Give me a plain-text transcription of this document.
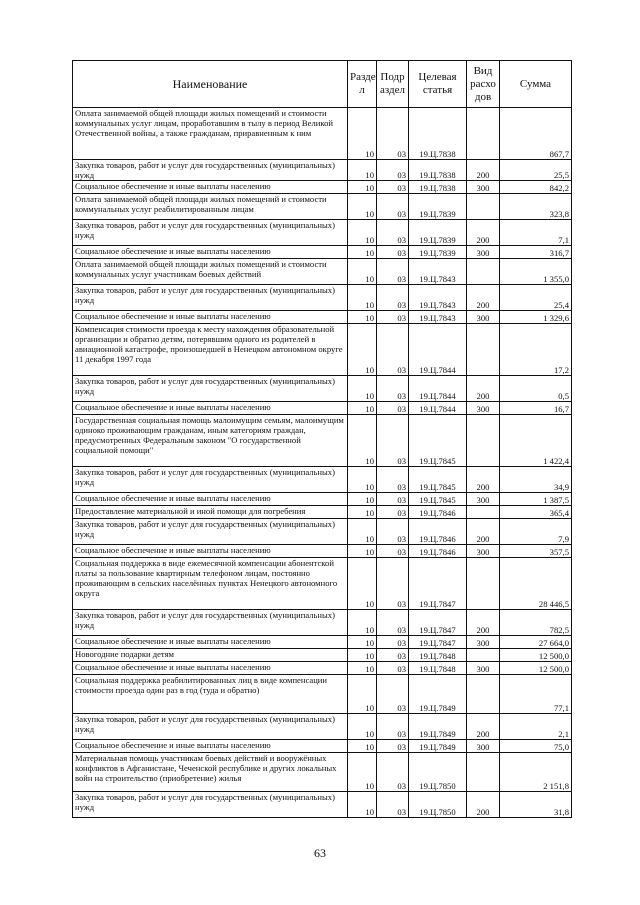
Наименование	Разде л	Подр аздел	Целевая статья	Вид расхо дов	Сумма
Оплата занимаемой общей площади жилых помещений и стоимости коммунальных услуг лицам, проработавшим в тылу в период Великой Отечественной войны, а также гражданам, приравненным к ним	10	03	19.Ц.7838		867,7
Закупка товаров, работ и услуг для государственных (муниципальных) нужд	10	03	19.Ц.7838	200	25,5
Социальное обеспечение и иные выплаты населению	10	03	19.Ц.7838	300	842,2
Оплата занимаемой общей площади жилых помещений и стоимости коммунальных услуг реабилитированным лицам	10	03	19.Ц.7839		323,8
Закупка товаров, работ и услуг для государственных (муниципальных) нужд	10	03	19.Ц.7839	200	7,1
Социальное обеспечение и иные выплаты населению	10	03	19.Ц.7839	300	316,7
Оплата занимаемой общей площади жилых помещений и стоимости коммунальных услуг участникам боевых действий	10	03	19.Ц.7843		1 355,0
Закупка товаров, работ и услуг для государственных (муниципальных) нужд	10	03	19.Ц.7843	200	25,4
Социальное обеспечение и иные выплаты населению	10	03	19.Ц.7843	300	1 329,6
Компенсация стоимости проезда к месту нахождения образовательной организации и обратно детям, потерявшим одного из родителей в авиационной катастрофе, произошедшей в Ненецком автономном округе 11 декабря 1997 года	10	03	19.Ц.7844		17,2
Закупка товаров, работ и услуг для государственных (муниципальных) нужд	10	03	19.Ц.7844	200	0,5
Социальное обеспечение и иные выплаты населению	10	03	19.Ц.7844	300	16,7
Государственная социальная помощь малоимущим семьям, малоимущим одиноко проживающим гражданам, иным категориям граждан, предусмотренных Федеральным законом "О государственной социальной помощи"	10	03	19.Ц.7845		1 422,4
Закупка товаров, работ и услуг для государственных (муниципальных) нужд	10	03	19.Ц.7845	200	34,9
Социальное обеспечение и иные выплаты населению	10	03	19.Ц.7845	300	1 387,5
Предоставление материальной и иной помощи для погребения	10	03	19.Ц.7846		365,4
Закупка товаров, работ и услуг для государственных (муниципальных) нужд	10	03	19.Ц.7846	200	7,9
Социальное обеспечение и иные выплаты населению	10	03	19.Ц.7846	300	357,5
Социальная поддержка в виде ежемесячной компенсации абонентской платы за пользование квартирным телефоном лицам, постоянно проживающим в сельских населённых пунктах Ненецкого автономного округа	10	03	19.Ц.7847		28 446,5
Закупка товаров, работ и услуг для государственных (муниципальных) нужд	10	03	19.Ц.7847	200	782,5
Социальное обеспечение и иные выплаты населению	10	03	19.Ц.7847	300	27 664,0
Новогодние подарки детям	10	03	19.Ц.7848		12 500,0
Социальное обеспечение и иные выплаты населению	10	03	19.Ц.7848	300	12 500,0
Социальная поддержка реабилитированных лиц в виде компенсации стоимости проезда один раз в год (туда и обратно)	10	03	19.Ц.7849		77,1
Закупка товаров, работ и услуг для государственных (муниципальных) нужд	10	03	19.Ц.7849	200	2,1
Социальное обеспечение и иные выплаты населению	10	03	19.Ц.7849	300	75,0
Материальная помощь участникам боевых действий и вооружённых конфликтов в Афганистане, Чеченской республике и других локальных войн на строительство (приобретение) жилья	10	03	19.Ц.7850		2 151,8
Закупка товаров, работ и услуг для государственных (муниципальных) нужд	10	03	19.Ц.7850	200	31,8
63
